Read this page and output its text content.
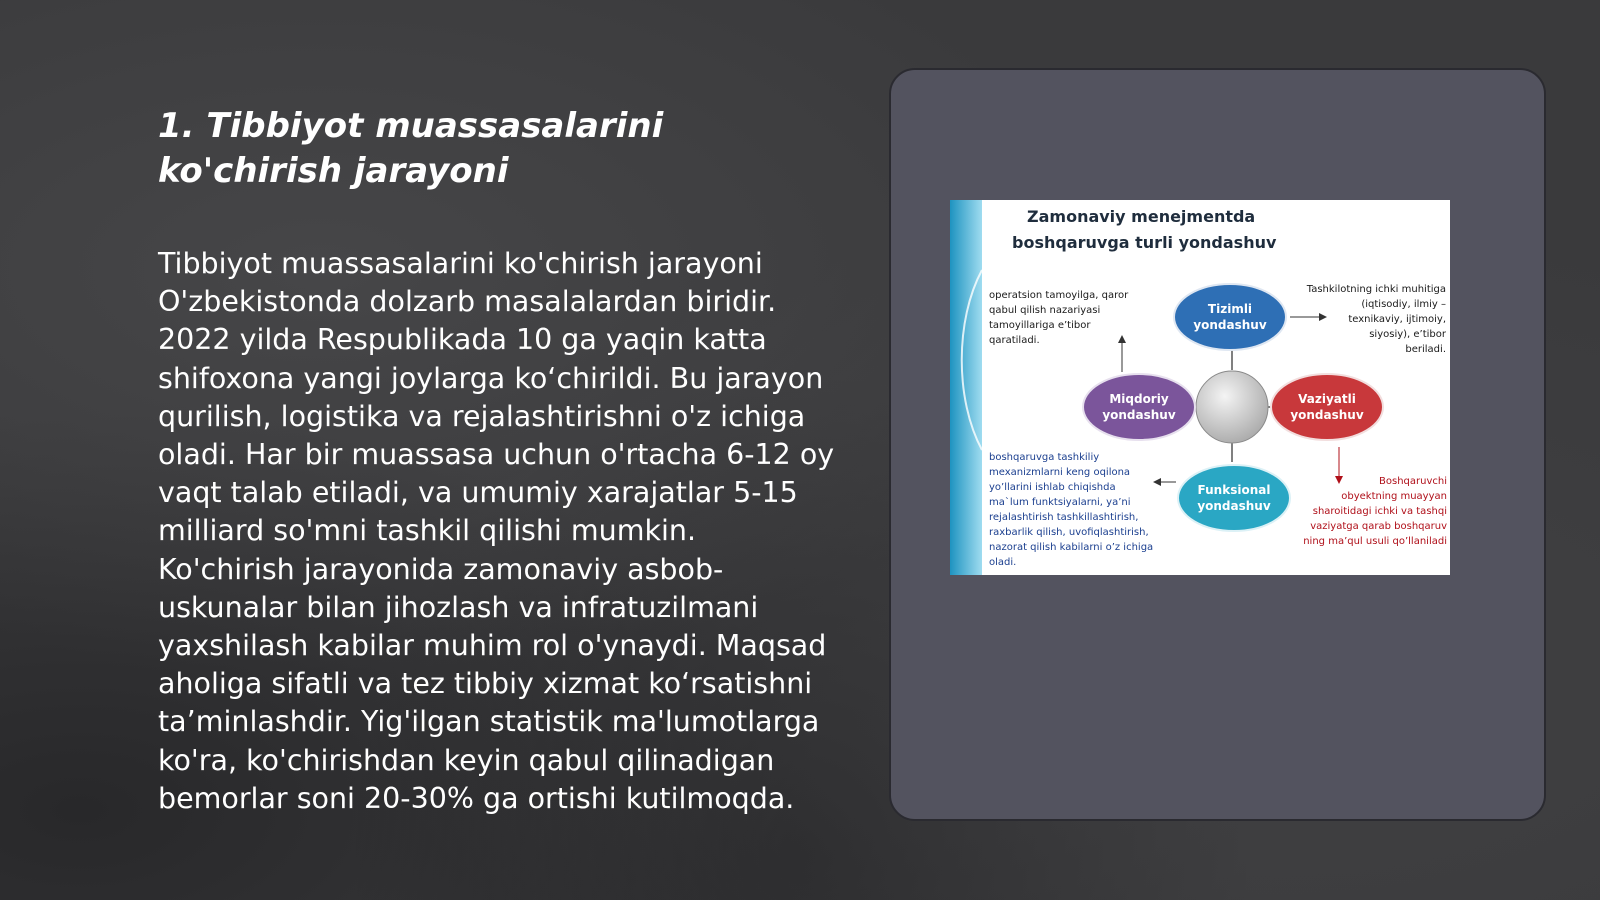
1. Tibbiyot muassasalarini ko'chirish jarayoni

Tibbiyot muassasalarini ko'chirish jarayoni O'zbekistonda dolzarb masalalardan biridir. 2022 yilda Respublikada 10 ga yaqin katta shifoxona yangi joylarga ko‘chirildi. Bu jarayon qurilish, logistika va rejalashtirishni o'z ichiga oladi. Har bir muassasa uchun o'rtacha 6-12 oy vaqt talab etiladi, va umumiy xarajatlar 5-15 milliard so'mni tashkil qilishi mumkin. Ko'chirish jarayonida zamonaviy asbob-uskunalar bilan jihozlash va infratuzilmani yaxshilash kabilar muhim rol o'ynaydi. Maqsad aholiga sifatli va tez tibbiy xizmat ko‘rsatishni ta’minlashdir. Yig'ilgan statistik ma'lumotlarga ko'ra, ko'chirishdan keyin qabul qilinadigan bemorlar soni 20-30% ga ortishi kutilmoqda.

Zamonaviy menejmentda
boshqaruvga turli yondashuv
Tizimli
yondashuv
Miqdoriy
yondashuv
Vaziyatli
yondashuv
Funksional
yondashuv
operatsion tamoyilga, qaror
qabul qilish nazariyasi
tamoyillariga e’tibor
qaratiladi.
Tashkilotning ichki muhitiga
(iqtisodiy, ilmiy –
texnikaviy, ijtimoiy,
siyosiy), e’tibor
beriladi.
boshqaruvga tashkiliy
mexanizmlarni keng oqilona
yo’llarini ishlab chiqishda
ma`lum funktsiyalarni, ya’ni
rejalashtirish tashkillashtirish,
raxbarlik qilish, uvofiqlashtirish,
nazorat qilish kabilarni o’z ichiga
oladi.
Boshqaruvchi
obyektning muayyan
sharoitidagi ichki va tashqi
vaziyatga qarab boshqaruv
ning ma’qul usuli qo’llaniladi
